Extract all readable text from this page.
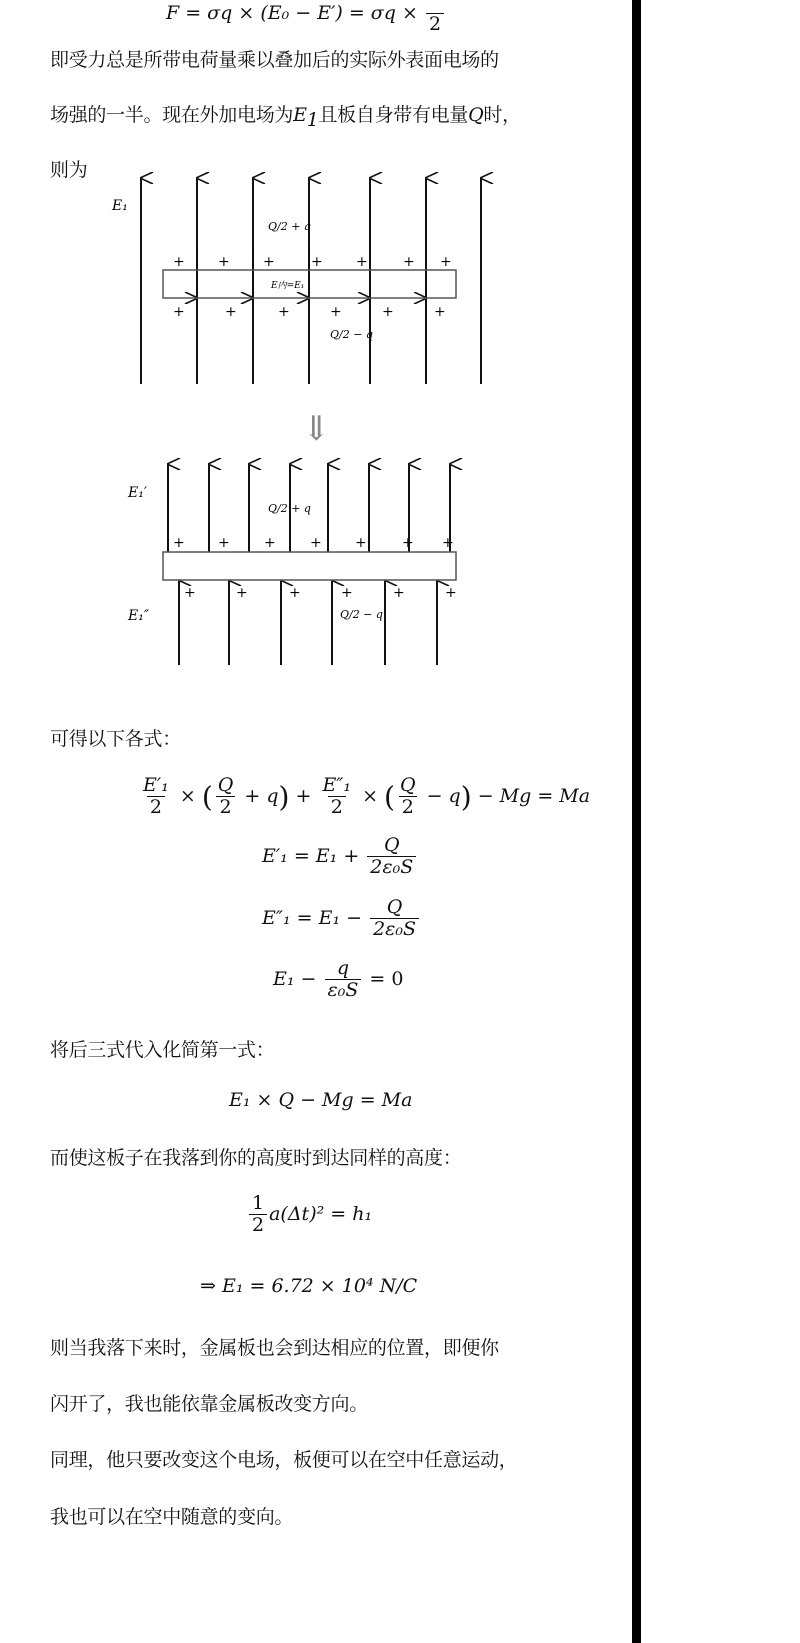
F = σq × (E₀ − E′) = σq ×

2
即受力总是所带电荷量乘以叠加后的实际外表面电场的
场强的一半。现在外加电场为$E_1$且板自身带有电量Q时，
则为
E₁
Q/2 + q
E内=E₁
Q/2 − q
+ + +	+ +	+ +
+	+	+	+	+	+
⇓
E₁′
E₁″
Q/2 + q
Q/2 − q
+ + + + +	+ +
+	+	+	+	+	+
可得以下各式：
$\frac{\text{E′₁}}{2}$ × ( $\frac{Q}{2} + q) + \frac{\text{E″₁}}{2}$ × ( $\frac{Q}{2} - q) - Mg = Ma$
$E'_1 = E_1 + \frac{Q}{\text{2ε₀S}}$
$E''_1 = E_1 - \frac{Q}{\text{2ε₀S}}$
$E_1 - \frac{q}{\text{ε₀S}} = 0$
将后三式代入化简第一式：
E₁ × Q − Mg = Ma
而使这板子在我落到你的高度时到达同样的高度：
$\frac{1}{2} a(\Delta t)^2 = h_1$
⇒ E₁ = 6.72 × 10⁴ N/C
则当我落下来时，金属板也会到达相应的位置，即便你
闪开了，我也能依靠金属板改变方向。
同理，他只要改变这个电场，板便可以在空中任意运动，
我也可以在空中随意的变向。
